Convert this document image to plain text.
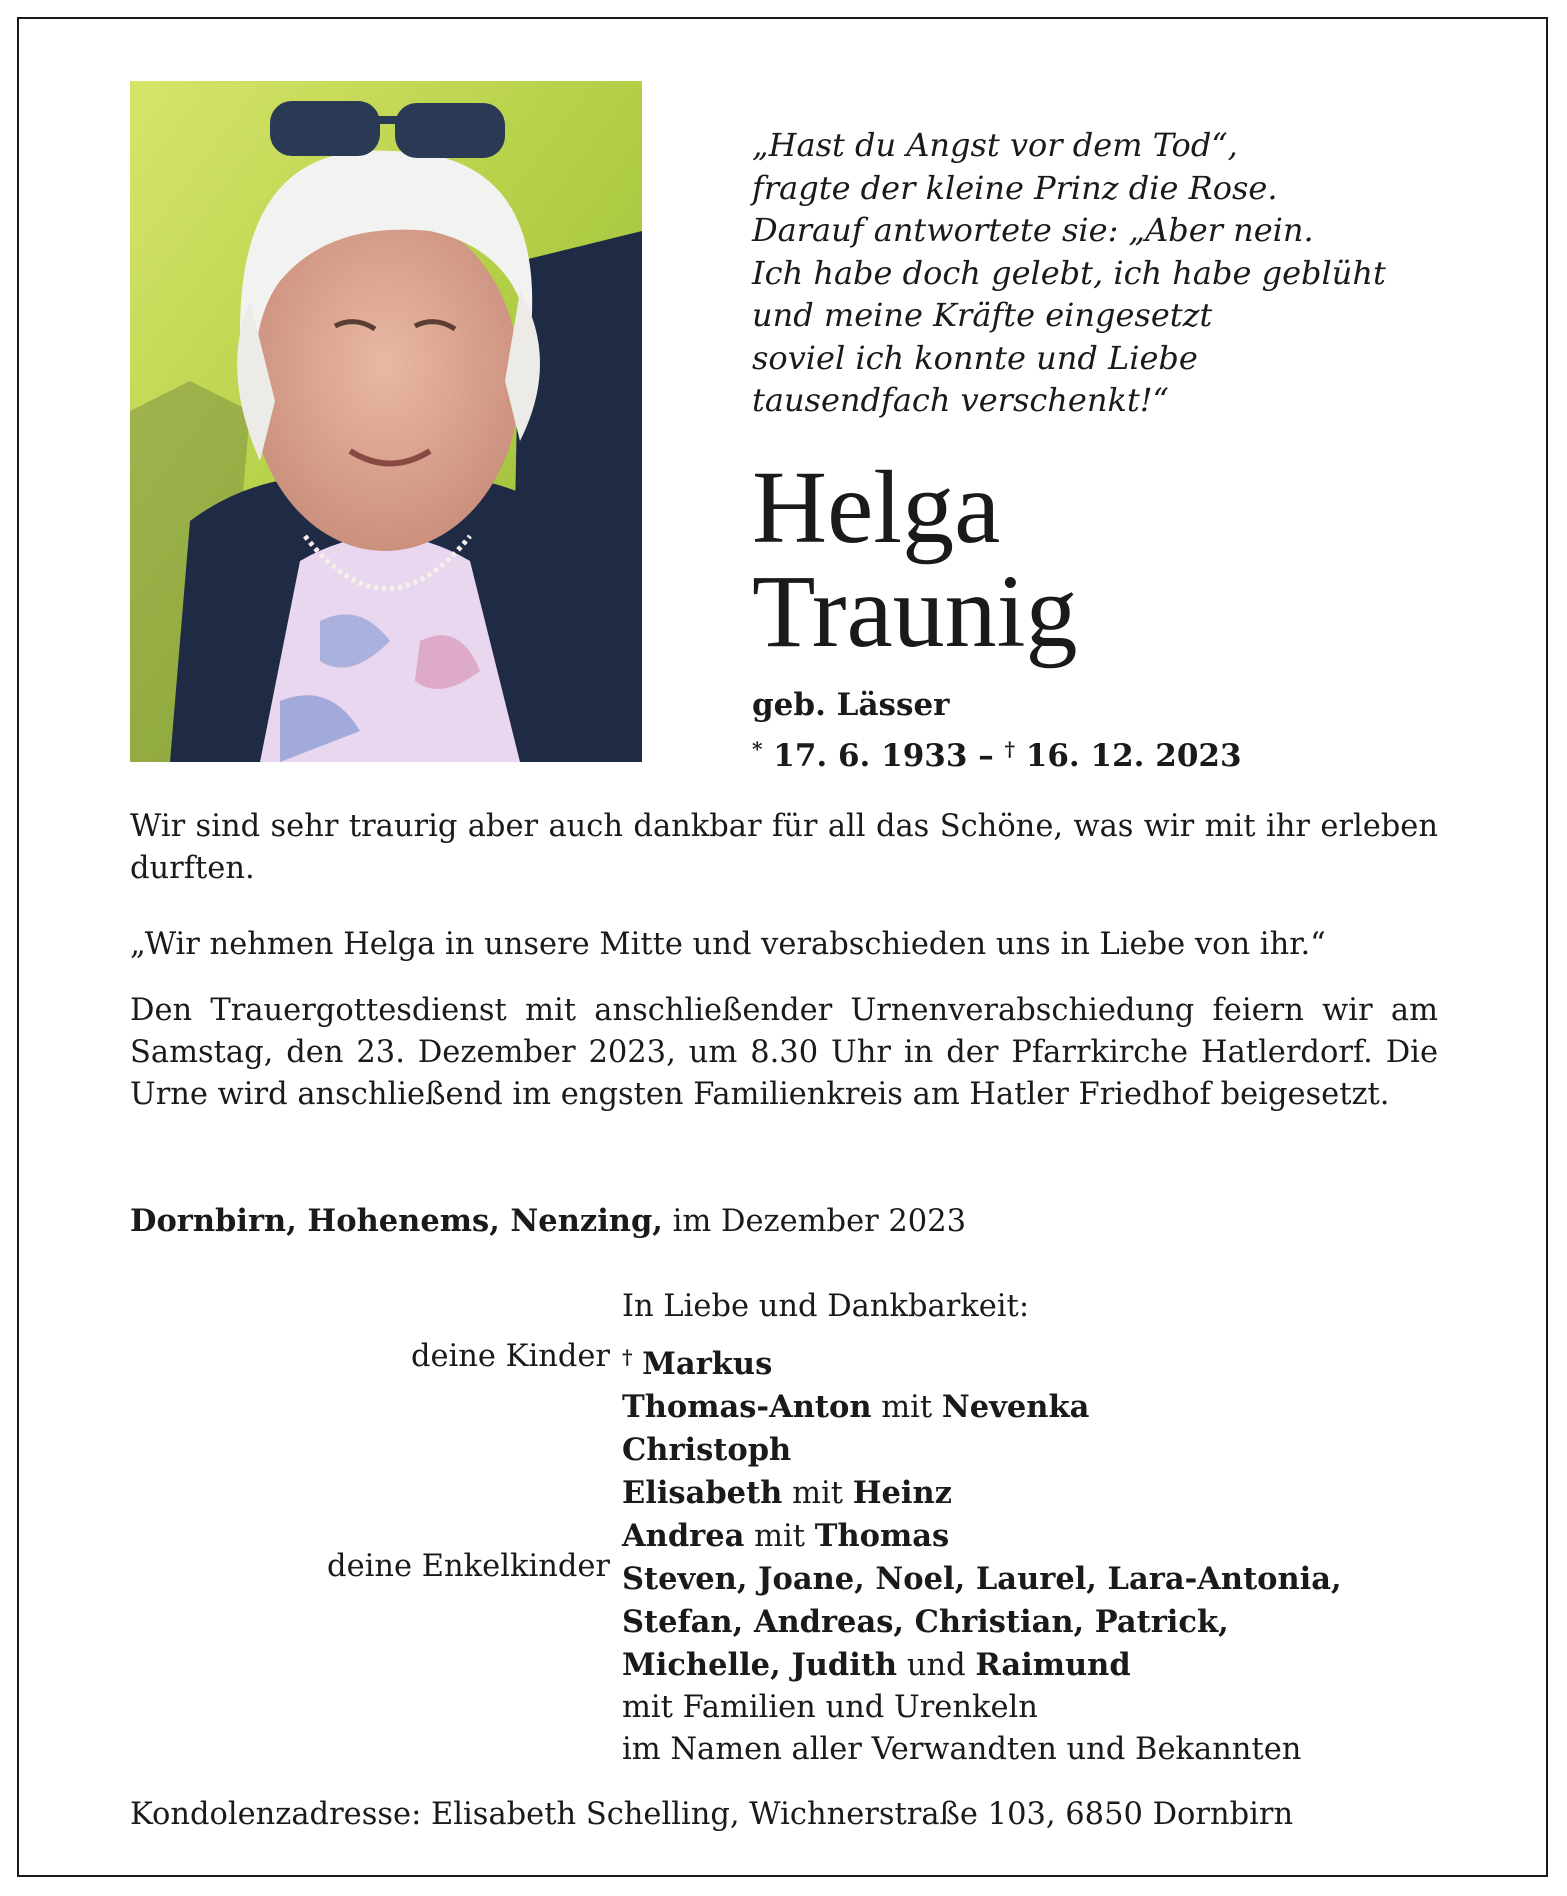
„Hast du Angst vor dem Tod“,
fragte der kleine Prinz die Rose.
Darauf antwortete sie: „Aber nein.
Ich habe doch gelebt, ich habe geblüht
und meine Kräfte eingesetzt
soviel ich konnte und Liebe
tausendfach verschenkt!“
Helga
Traunig
geb. Lässer
* 17. 6. 1933 – † 16. 12. 2023
Wir sind sehr traurig aber auch dankbar für all das Schöne, was wir mit ihr erleben durften.
„Wir nehmen Helga in unsere Mitte und verabschieden uns in Liebe von ihr.“
Den Trauergottesdienst mit anschließender Urnenverabschiedung feiern wir am Samstag, den 23. Dezember 2023, um 8.30 Uhr in der Pfarrkirche Hatlerdorf. Die Urne wird anschließend im engsten Familienkreis am Hatler Friedhof beigesetzt.
Dornbirn, Hohenems, Nenzing, im Dezember 2023
In Liebe und Dankbarkeit:
deine Kinder
deine Enkelkinder
† Markus
Thomas-Anton mit Nevenka
Christoph
Elisabeth mit Heinz
Andrea mit Thomas
Steven, Joane, Noel, Laurel, Lara-Antonia,
Stefan, Andreas, Christian, Patrick,
Michelle, Judith und Raimund
mit Familien und Urenkeln
im Namen aller Verwandten und Bekannten
Kondolenzadresse: Elisabeth Schelling, Wichnerstraße 103, 6850 Dornbirn
